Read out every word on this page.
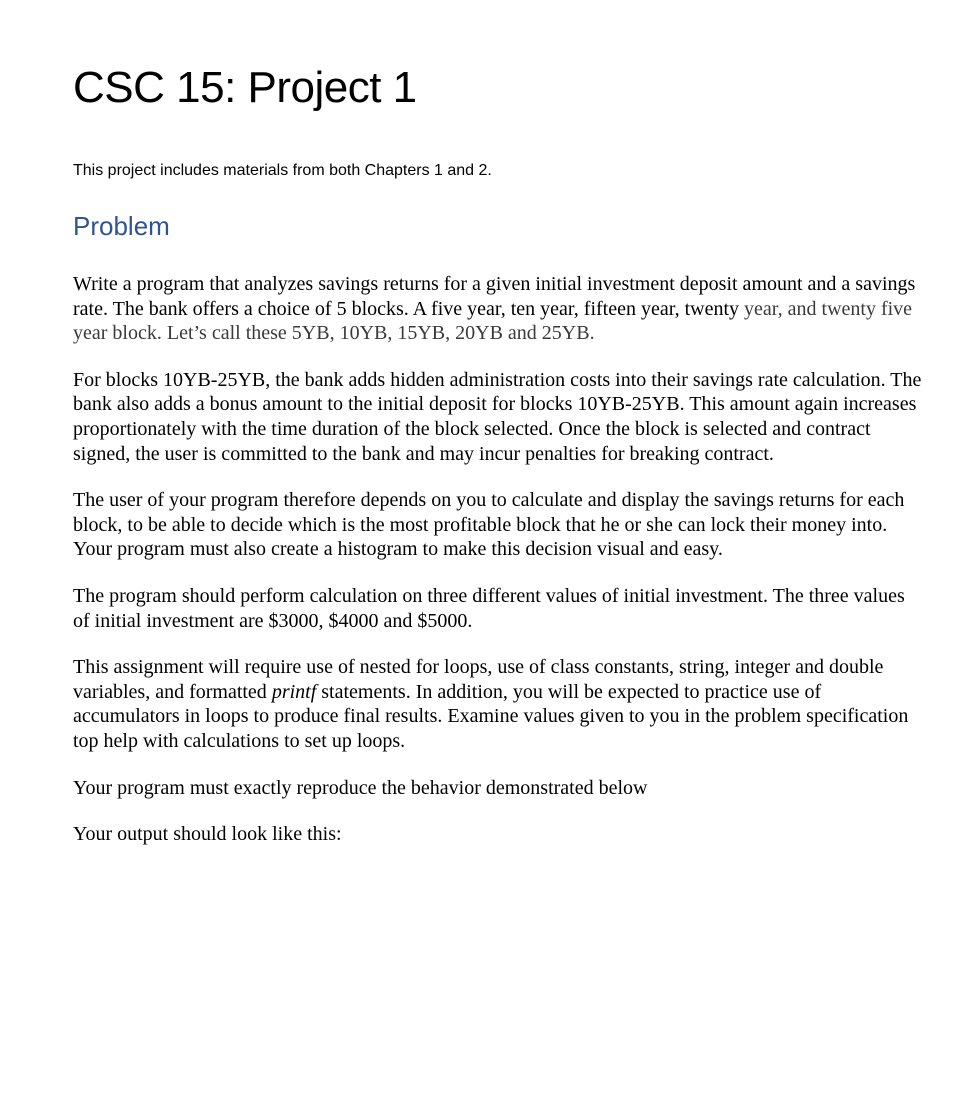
CSC 15: Project 1

This project includes materials from both Chapters 1 and 2.

Problem

Write a program that analyzes savings returns for a given initial investment deposit amount and a savings rate. The bank offers a choice of 5 blocks. A five year, ten year, fifteen year, twenty year, and twenty five year block. Let’s call these 5YB, 10YB, 15YB, 20YB and 25YB.

For blocks 10YB-25YB, the bank adds hidden administration costs into their savings rate calculation. The bank also adds a bonus amount to the initial deposit for blocks 10YB-25YB. This amount again increases proportionately with the time duration of the block selected. Once the block is selected and contract signed, the user is committed to the bank and may incur penalties for breaking contract.

The user of your program therefore depends on you to calculate and display the savings returns for each block, to be able to decide which is the most profitable block that he or she can lock their money into. Your program must also create a histogram to make this decision visual and easy.

The program should perform calculation on three different values of initial investment. The three values of initial investment are $3000, $4000 and $5000.

This assignment will require use of nested for loops, use of class constants, string, integer and double variables, and formatted printf statements. In addition, you will be expected to practice use of accumulators in loops to produce final results. Examine values given to you in the problem specification top help with calculations to set up loops.

Your program must exactly reproduce the behavior demonstrated below

Your output should look like this:
